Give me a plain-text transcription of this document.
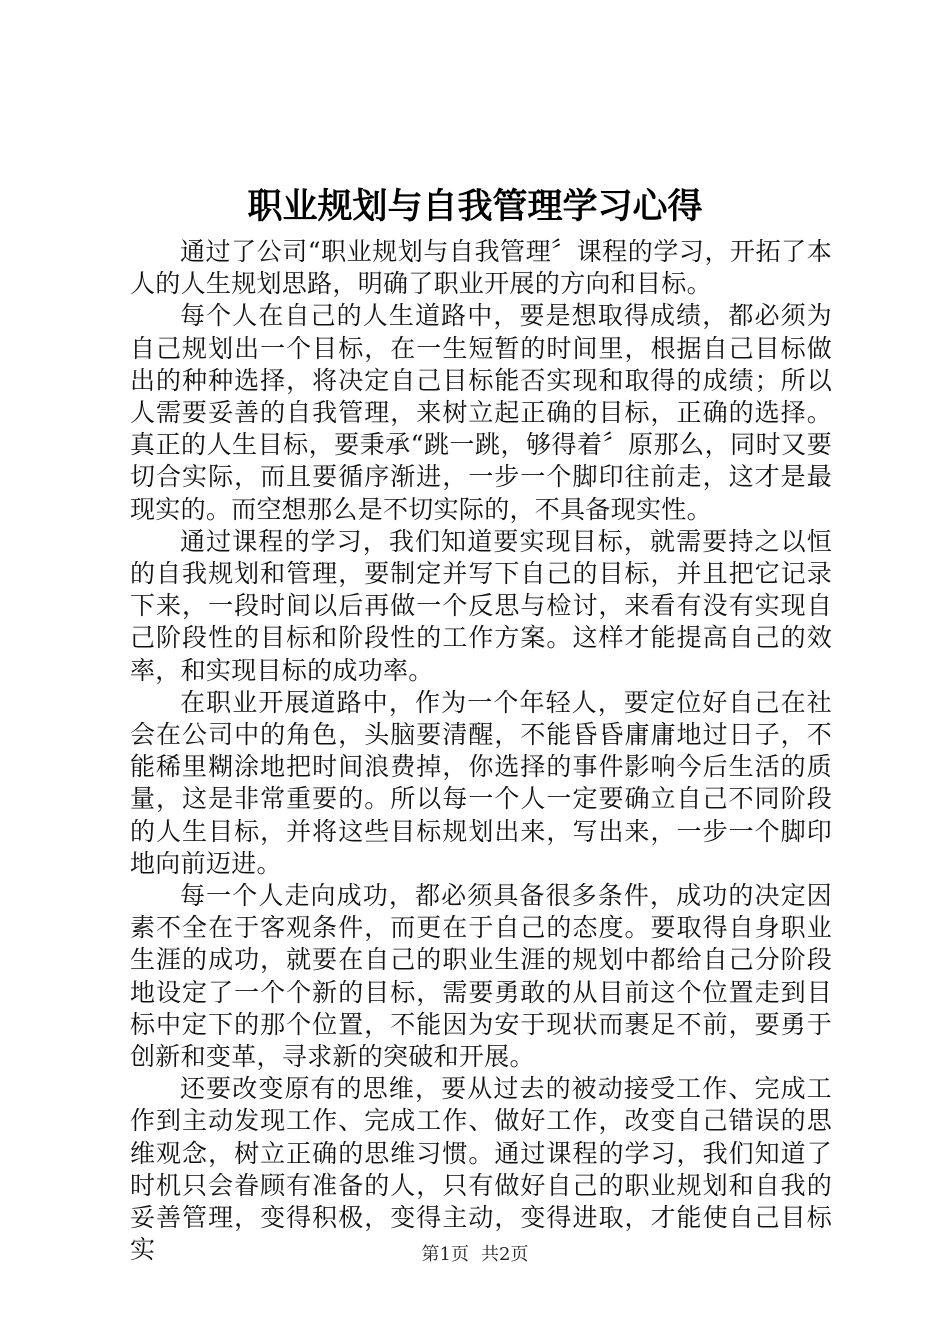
职业规划与自我管理学习心得

通过了公司“职业规划与自我管理〞课程的学习，开拓了本人的人生规划思路，明确了职业开展的方向和目标。

每个人在自己的人生道路中，要是想取得成绩，都必须为自己规划出一个目标，在一生短暂的时间里，根据自己目标做出的种种选择，将决定自己目标能否实现和取得的成绩；所以人需要妥善的自我管理，来树立起正确的目标，正确的选择。真正的人生目标，要秉承“跳一跳，够得着〞原那么，同时又要切合实际，而且要循序渐进，一步一个脚印往前走，这才是最现实的。而空想那么是不切实际的，不具备现实性。

通过课程的学习，我们知道要实现目标，就需要持之以恒的自我规划和管理，要制定并写下自己的目标，并且把它记录下来，一段时间以后再做一个反思与检讨，来看有没有实现自己阶段性的目标和阶段性的工作方案。这样才能提高自己的效率，和实现目标的成功率。

在职业开展道路中，作为一个年轻人，要定位好自己在社会在公司中的角色，头脑要清醒，不能昏昏庸庸地过日子，不能稀里糊涂地把时间浪费掉，你选择的事件影响今后生活的质量，这是非常重要的。所以每一个人一定要确立自己不同阶段的人生目标，并将这些目标规划出来，写出来，一步一个脚印地向前迈进。

每一个人走向成功，都必须具备很多条件，成功的决定因素不全在于客观条件，而更在于自己的态度。要取得自身职业生涯的成功，就要在自己的职业生涯的规划中都给自己分阶段地设定了一个个新的目标，需要勇敢的从目前这个位置走到目标中定下的那个位置，不能因为安于现状而裹足不前，要勇于创新和变革，寻求新的突破和开展。

还要改变原有的思维，要从过去的被动接受工作、完成工作到主动发现工作、完成工作、做好工作，改变自己错误的思维观念，树立正确的思维习惯。通过课程的学习，我们知道了时机只会眷顾有准备的人，只有做好自己的职业规划和自我的妥善管理，变得积极，变得主动，变得进取，才能使自己目标实	第1页 共2页
